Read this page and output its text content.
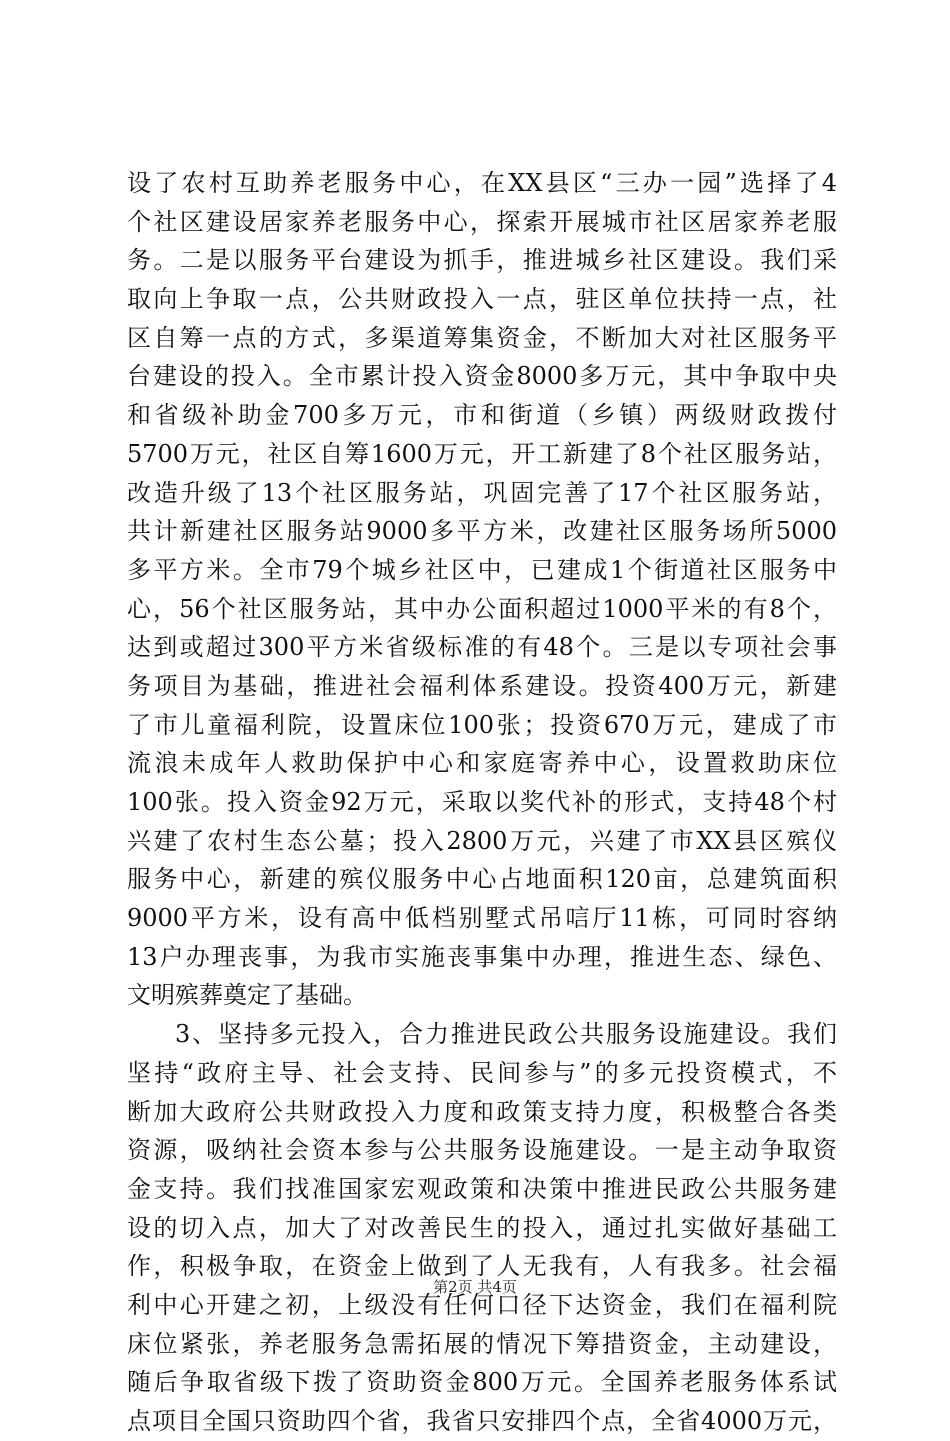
设了农村互助养老服务中心，在XX县区“三办一园”选择了4
个社区建设居家养老服务中心，探索开展城市社区居家养老服
务。二是以服务平台建设为抓手，推进城乡社区建设。我们采
取向上争取一点，公共财政投入一点，驻区单位扶持一点，社
区自筹一点的方式，多渠道筹集资金，不断加大对社区服务平
台建设的投入。全市累计投入资金8000多万元，其中争取中央
和省级补助金700多万元，市和街道（乡镇）两级财政拨付
5700万元，社区自筹1600万元，开工新建了8个社区服务站，
改造升级了13个社区服务站，巩固完善了17个社区服务站，
共计新建社区服务站9000多平方米，改建社区服务场所5000
多平方米。全市79个城乡社区中，已建成1个街道社区服务中
心，56个社区服务站，其中办公面积超过1000平米的有8个，
达到或超过300平方米省级标准的有48个。三是以专项社会事
务项目为基础，推进社会福利体系建设。投资400万元，新建
了市儿童福利院，设置床位100张；投资670万元，建成了市
流浪未成年人救助保护中心和家庭寄养中心，设置救助床位
100张。投入资金92万元，采取以奖代补的形式，支持48个村
兴建了农村生态公墓；投入2800万元，兴建了市XX县区殡仪
服务中心，新建的殡仪服务中心占地面积120亩，总建筑面积
9000平方米，设有高中低档别墅式吊唁厅11栋，可同时容纳
13户办理丧事，为我市实施丧事集中办理，推进生态、绿色、
文明殡葬奠定了基础。
3、坚持多元投入，合力推进民政公共服务设施建设。我们
坚持“政府主导、社会支持、民间参与”的多元投资模式，不
断加大政府公共财政投入力度和政策支持力度，积极整合各类
资源，吸纳社会资本参与公共服务设施建设。一是主动争取资
金支持。我们找准国家宏观政策和决策中推进民政公共服务建
设的切入点，加大了对改善民生的投入，通过扎实做好基础工
作，积极争取，在资金上做到了人无我有，人有我多。社会福
利中心开建之初，上级没有任何口径下达资金，我们在福利院
床位紧张，养老服务急需拓展的情况下筹措资金，主动建设，
随后争取省级下拨了资助资金800万元。全国养老服务体系试
点项目全国只资助四个省，我省只安排四个点，全省4000万元，
第2页 共4页
